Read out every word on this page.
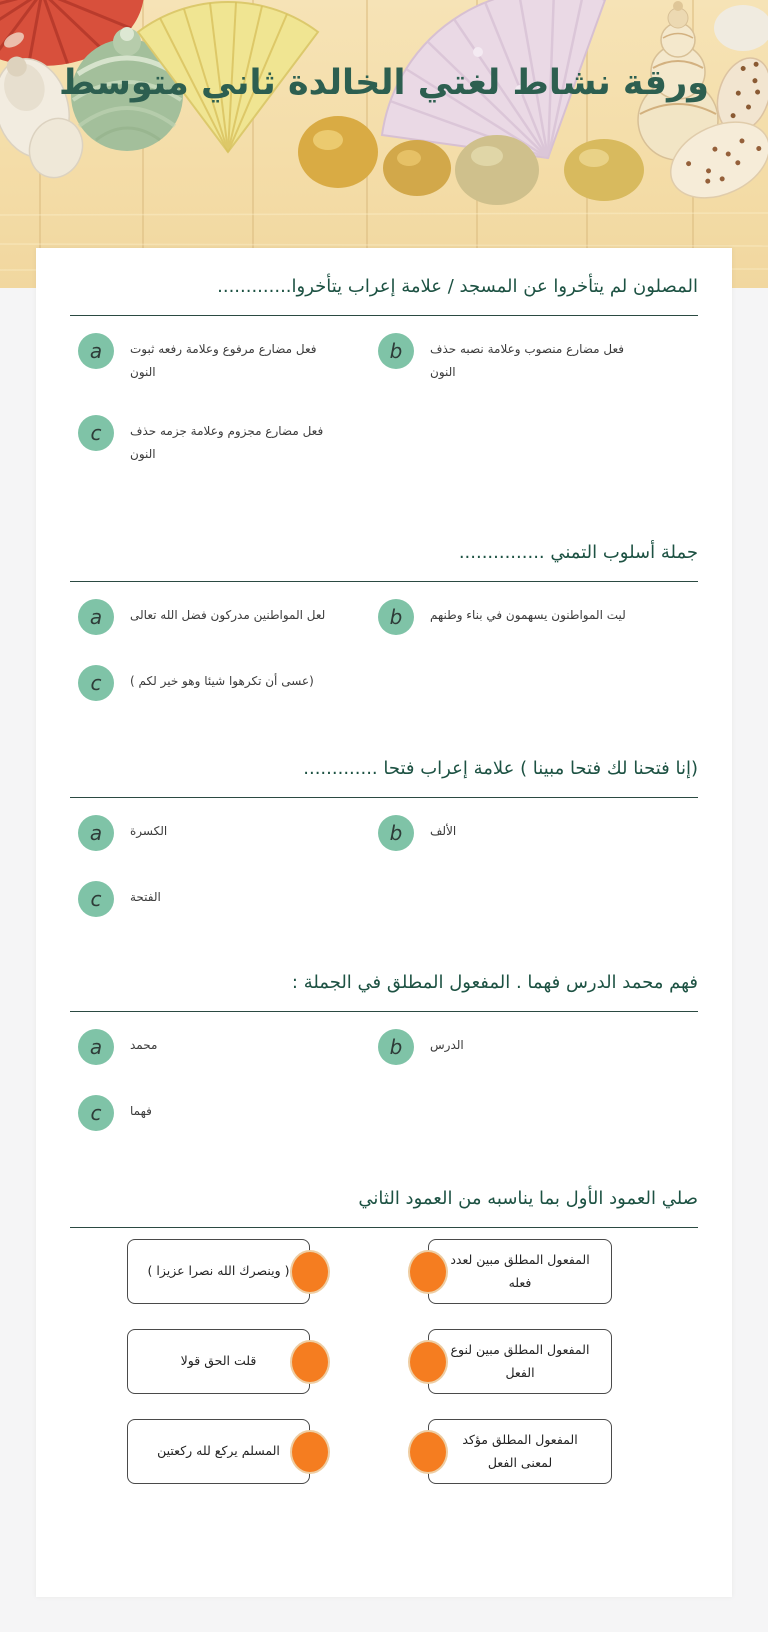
ورقة نشاط لغتي الخالدة ثاني متوسط
المصلون لم يتأخروا عن المسجد / علامة إعراب يتأخروا.............
a	فعل مضارع مرفوع وعلامة رفعه ثبوت النون
b	فعل مضارع منصوب وعلامة نصبه حذف النون
c	فعل مضارع مجزوم وعلامة جزمه حذف النون
جملة أسلوب التمني ...............
a	لعل المواطنين مدركون فضل الله تعالى	b	ليت المواطنون يسهمون في بناء وطنهم
c	( عسى أن تكرهوا شيئا وهو خير لكم)
(إنا فتحنا لك فتحا مبينا ) علامة إعراب فتحا .............
a	الكسرة	b	الألف
c	الفتحة
فهم محمد الدرس فهما . المفعول المطلق في الجملة :
a	محمد	b	الدرس
c	فهما
صلي العمود الأول بما يناسبه من العمود الثاني
( وينصرك الله نصرا عزيزا )
المفعول المطلق مبين لعدد فعله
قلت الحق قولا
المفعول المطلق مبين لنوع الفعل
المسلم يركع لله ركعتين
المفعول المطلق مؤكد لمعنى الفعل
